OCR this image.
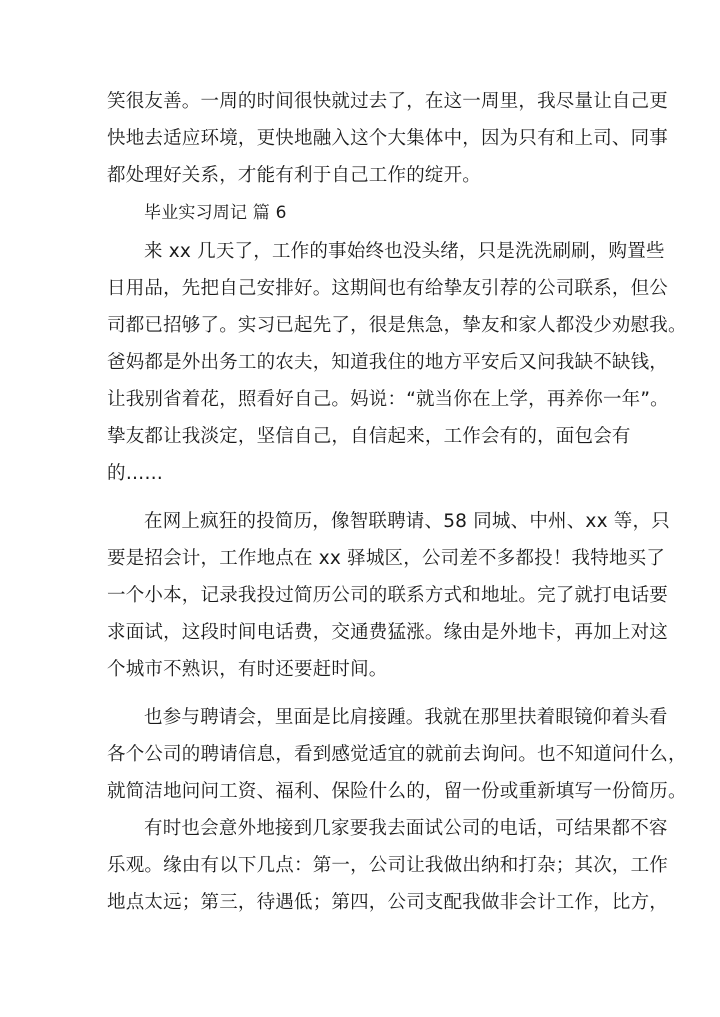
笑很友善。一周的时间很快就过去了，在这一周里，我尽量让自己更
快地去适应环境，更快地融入这个大集体中，因为只有和上司、同事
都处理好关系，才能有利于自己工作的绽开。
毕业实习周记 篇 6
来 xx 几天了，工作的事始终也没头绪，只是洗洗刷刷，购置些
日用品，先把自己安排好。这期间也有给挚友引荐的公司联系，但公
司都已招够了。实习已起先了，很是焦急，挚友和家人都没少劝慰我。
爸妈都是外出务工的农夫，知道我住的地方平安后又问我缺不缺钱，
让我别省着花，照看好自己。妈说：“就当你在上学，再养你一年”。
挚友都让我淡定，坚信自己，自信起来，工作会有的，面包会有
的……
在网上疯狂的投简历，像智联聘请、58 同城、中州、xx 等，只
要是招会计，工作地点在 xx 驿城区，公司差不多都投！我特地买了
一个小本，记录我投过简历公司的联系方式和地址。完了就打电话要
求面试，这段时间电话费，交通费猛涨。缘由是外地卡，再加上对这
个城市不熟识，有时还要赶时间。
也参与聘请会，里面是比肩接踵。我就在那里扶着眼镜仰着头看
各个公司的聘请信息，看到感觉适宜的就前去询问。也不知道问什么，
就简洁地问问工资、福利、保险什么的，留一份或重新填写一份简历。
有时也会意外地接到几家要我去面试公司的电话，可结果都不容
乐观。缘由有以下几点：第一，公司让我做出纳和打杂；其次，工作
地点太远；第三，待遇低；第四，公司支配我做非会计工作，比方，
